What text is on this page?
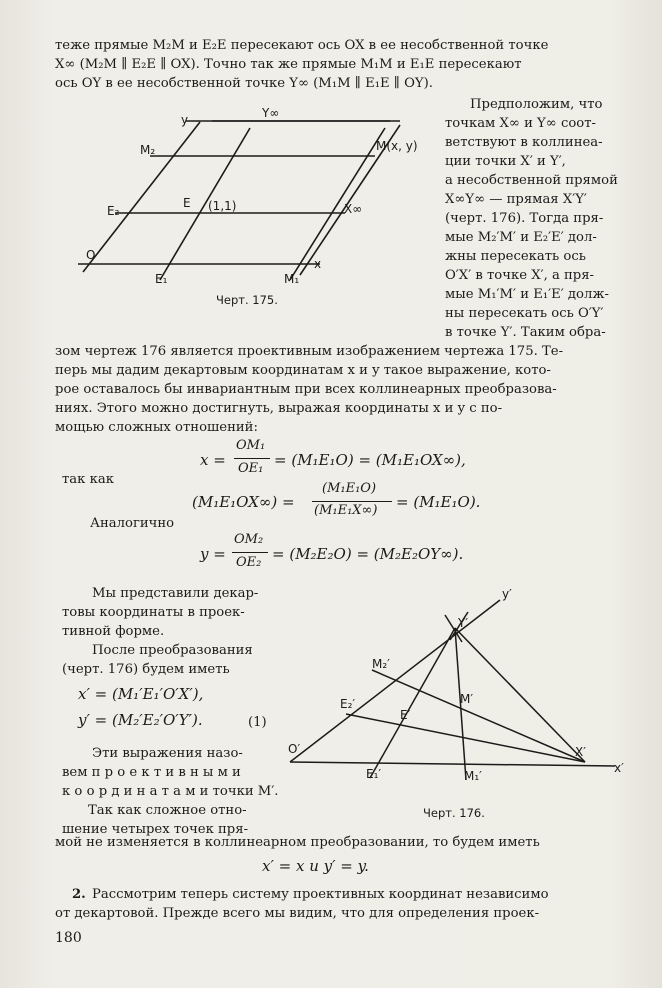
теже прямые M₂M и E₂E пересекают ось OX в ее несобственной точке

X∞ (M₂M ∥ E₂E ∥ OX). Точно так же прямые M₁M и E₁E пересекают

ось OY в ее несобственной точке Y∞ (M₁M ∥ E₁E ∥ OY).

y	Y∞
M₂	M(x, y)
E₂
E (1,1)	X∞
O
x
E₁	M₁
Черт. 175.

Предположим, что

точкам X∞ и Y∞ соот-

ветствуют в коллинеа-

ции точки X′ и Y′,

а несобственной прямой

X∞Y∞ — прямая X′Y′

(черт. 176). Тогда пря-

мые M₂′M′ и E₂′E′ дол-

жны пересекать ось

O′X′ в точке X′, а пря-

мые M₁′M′ и E₁′E′ долж-

ны пересекать ось O′Y′

в точке Y′. Таким обра-

зом чертеж 176 является проективным изображением чертежа 175. Те-

перь мы дадим декартовым координатам x и y такое выражение, кото-

рое оставалось бы инвариантным при всех коллинеарных преобразова-

ниях. Этого можно достигнуть, выражая координаты x и y с по-

мощью сложных отношений:

x =
OM₁
OE₁ = (M₁E₁O) = (M₁E₁OX∞),

так как

(M₁E₁OX∞) =
(M₁E₁O)
(M₁E₁X∞) = (M₁E₁O).

Аналогично

y =
OM₂
OE₂ = (M₂E₂O) = (M₂E₂OY∞).

Мы представили декар-

товы координаты в проек-

тивной форме.

После преобразования

(черт. 176) будем иметь

x′ = (M₁′E₁′O′X′),
y′ = (M₂′E₂′O′Y′).	(1)

Эти выражения назо-

вем п р о е к т и в н ы м и

к о о р д и н а т а м и точки M′.

Так как сложное отно-

шение четырех точек пря-

y′
Y′
M₂′
E₂′
E′
M′
O′	X′
x′
E₁′	M₁′
Черт. 176.

мой не изменяется в коллинеарном преобразовании, то будем иметь

x′ = x и y′ = y.

2. Рассмотрим теперь систему проективных координат независимо

от декартовой. Прежде всего мы видим, что для определения проек-

180
